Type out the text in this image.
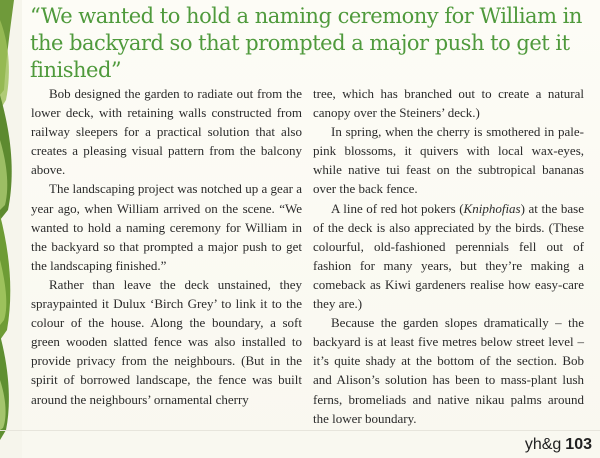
“We wanted to hold a naming ceremony for William in the backyard so that prompted a major push to get it finished”

Bob designed the garden to radiate out from the lower deck, with retaining walls constructed from railway sleepers for a practical solution that also creates a pleasing visual pattern from the balcony above.

The landscaping project was notched up a gear a year ago, when William arrived on the scene. “We wanted to hold a naming ceremony for William in the backyard so that prompted a major push to get the landscaping finished.”

Rather than leave the deck unstained, they spraypainted it Dulux ‘Birch Grey’ to link it to the colour of the house. Along the boundary, a soft green wooden slatted fence was also installed to provide privacy from the neighbours. (But in the spirit of borrowed landscape, the fence was built around the neighbours’ ornamental cherry

tree, which has branched out to create a natural canopy over the Steiners’ deck.)

In spring, when the cherry is smothered in pale-pink blossoms, it quivers with local wax-eyes, while native tui feast on the subtropical bananas over the back fence.

A line of red hot pokers (Kniphofias) at the base of the deck is also appreciated by the birds. (These colourful, old-fashioned perennials fell out of fashion for many years, but they’re making a comeback as Kiwi gardeners realise how easy-care they are.)

Because the garden slopes dramatically – the backyard is at least five metres below street level – it’s quite shady at the bottom of the section. Bob and Alison’s solution has been to mass-plant lush ferns, bromeliads and native nikau palms around the lower boundary.

yh&g 103
